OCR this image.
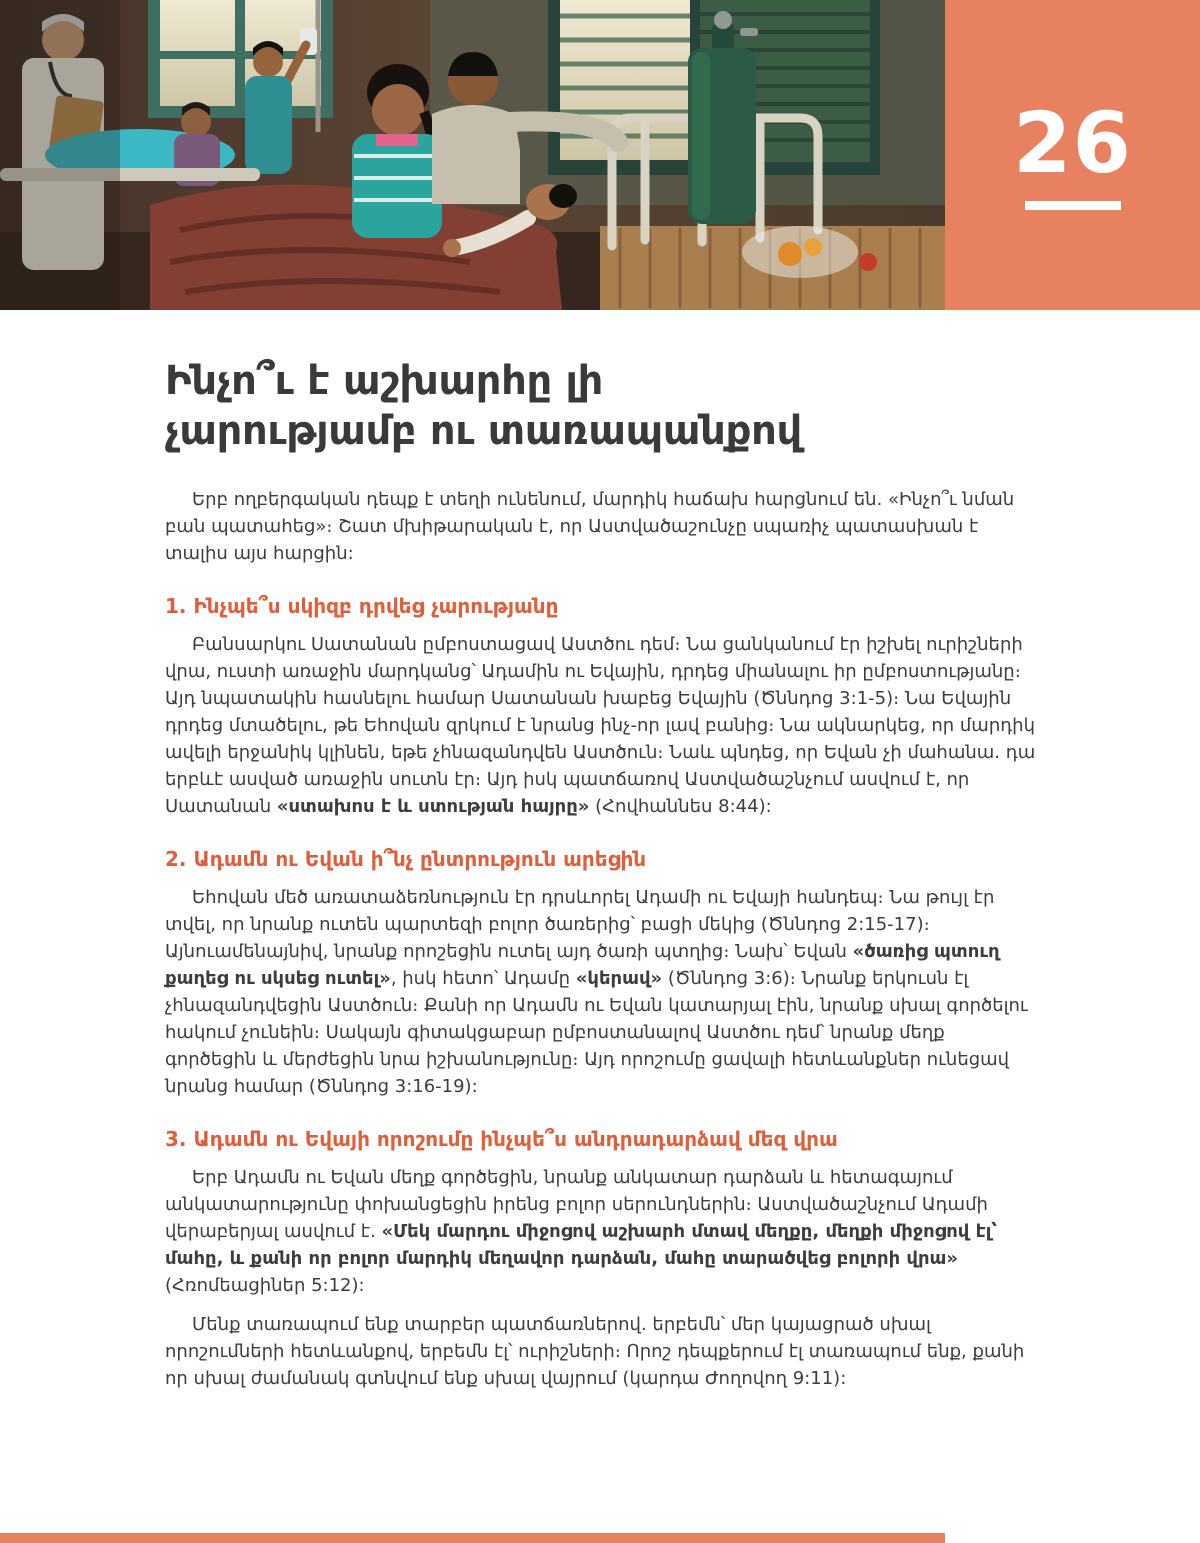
26
Ինչո՞ւ է աշխարհը լի
չարությամբ ու տառապանքով

Երբ ողբերգական դեպք է տեղի ունենում, մարդիկ հաճախ հարցնում են. «Ինչո՞ւ նման բան պատահեց»։ Շատ մխիթարական է, որ Աստվածաշունչը սպառիչ պատասխան է տալիս այս հարցին:

1. Ինչպե՞ս սկիզբ դրվեց չարությանը

Բանսարկու Սատանան ըմբոստացավ Աստծու դեմ։ Նա ցանկանում էր իշխել ուրիշների վրա, ուստի առաջին մարդկանց՝ Ադամին ու Եվային, դրդեց միանալու իր ըմբոստությանը։ Այդ նպատակին հասնելու համար Սատանան խաբեց Եվային (Ծննդոց 3:1-5)։ Նա Եվային դրդեց մտածելու, թե Եհովան զրկում է նրանց ինչ-որ լավ բանից։ Նա ակնարկեց, որ մարդիկ ավելի երջանիկ կլինեն, եթե չհնազանդվեն Աստծուն։ Նաև պնդեց, որ Եվան չի մահանա. դա երբևէ ասված առաջին սուտն էր։ Այդ իսկ պատճառով Աստվածաշնչում ասվում է, որ Սատանան «ստախոս է և ստության հայրը» (Հովհաննես 8:44):

2. Ադամն ու Եվան ի՞նչ ընտրություն արեցին

Եհովան մեծ առատաձեռնություն էր դրսևորել Ադամի ու Եվայի հանդեպ։ Նա թույլ էր տվել, որ նրանք ուտեն պարտեզի բոլոր ծառերից՝ բացի մեկից (Ծննդոց 2:15-17)։ Այնուամենայնիվ, նրանք որոշեցին ուտել այդ ծառի պտղից։ Նախ՝ Եվան «ծառից պտուղ քաղեց ու սկսեց ուտել», իսկ հետո՝ Ադամը «կերավ» (Ծննդոց 3:6)։ Նրանք երկուսն էլ չհնազանդվեցին Աստծուն։ Քանի որ Ադամն ու Եվան կատարյալ էին, նրանք սխալ գործելու հակում չունեին։ Սակայն գիտակցաբար ըմբոստանալով Աստծու դեմ՝ նրանք մեղք գործեցին և մերժեցին նրա իշխանությունը։ Այդ որոշումը ցավալի հետևանքներ ունեցավ նրանց համար (Ծննդոց 3:16-19):

3. Ադամն ու Եվայի որոշումը ինչպե՞ս անդրադարձավ մեզ վրա

Երբ Ադամն ու Եվան մեղք գործեցին, նրանք անկատար դարձան և հետագայում անկատարությունը փոխանցեցին իրենց բոլոր սերունդներին։ Աստվածաշնչում Ադամի վերաբերյալ ասվում է. «Մեկ մարդու միջոցով աշխարհ մտավ մեղքը, մեղքի միջոցով էլ՝ մահը, և քանի որ բոլոր մարդիկ մեղավոր դարձան, մահը տարածվեց բոլորի վրա» (Հռոմեացիներ 5:12):

Մենք տառապում ենք տարբեր պատճառներով. երբեմն՝ մեր կայացրած սխալ որոշումների հետևանքով, երբեմն էլ՝ ուրիշների։ Որոշ դեպքերում էլ տառապում ենք, քանի որ սխալ ժամանակ գտնվում ենք սխալ վայրում (կարդա Ժողովող 9:11):
